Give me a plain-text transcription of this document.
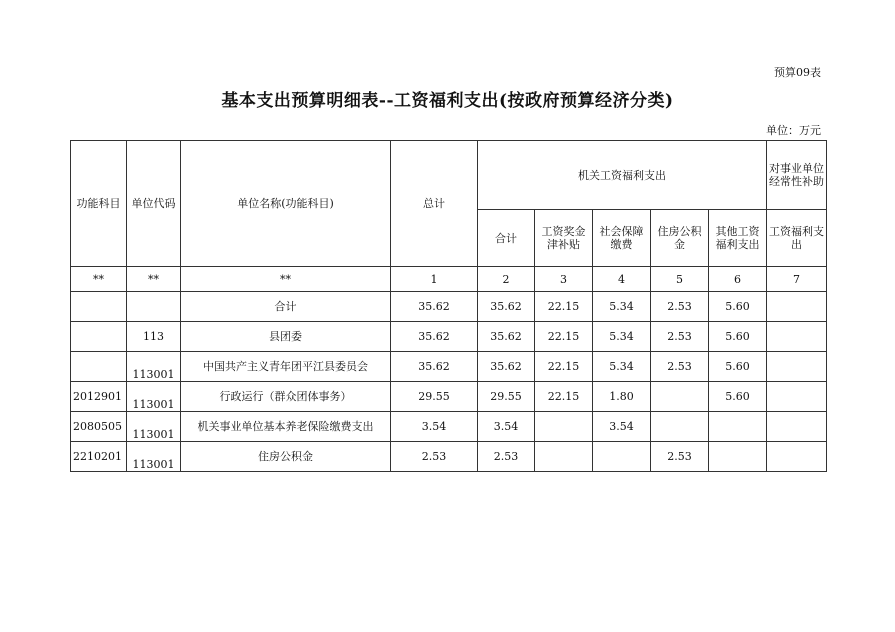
预算09表
基本支出预算明细表--工资福利支出(按政府预算经济分类)
单位：万元
功能科目	单位代码	单位名称(功能科目)	总计	机关工资福利支出					对事业单位经常性补助
				合计	工资奖金津补贴	社会保障缴费	住房公积金	其他工资福利支出	工资福利支出
**	**	**	1	2	3	4	5	6	7
		合计	35.62	35.62	22.15	5.34	2.53	5.60	
	113	县团委	35.62	35.62	22.15	5.34	2.53	5.60	
	113001	中国共产主义青年团平江县委员会	35.62	35.62	22.15	5.34	2.53	5.60	
2012901	113001	行政运行（群众团体事务）	29.55	29.55	22.15	1.80		5.60	
2080505	113001	机关事业单位基本养老保险缴费支出	3.54	3.54		3.54			
2210201	113001	住房公积金	2.53	2.53			2.53		
